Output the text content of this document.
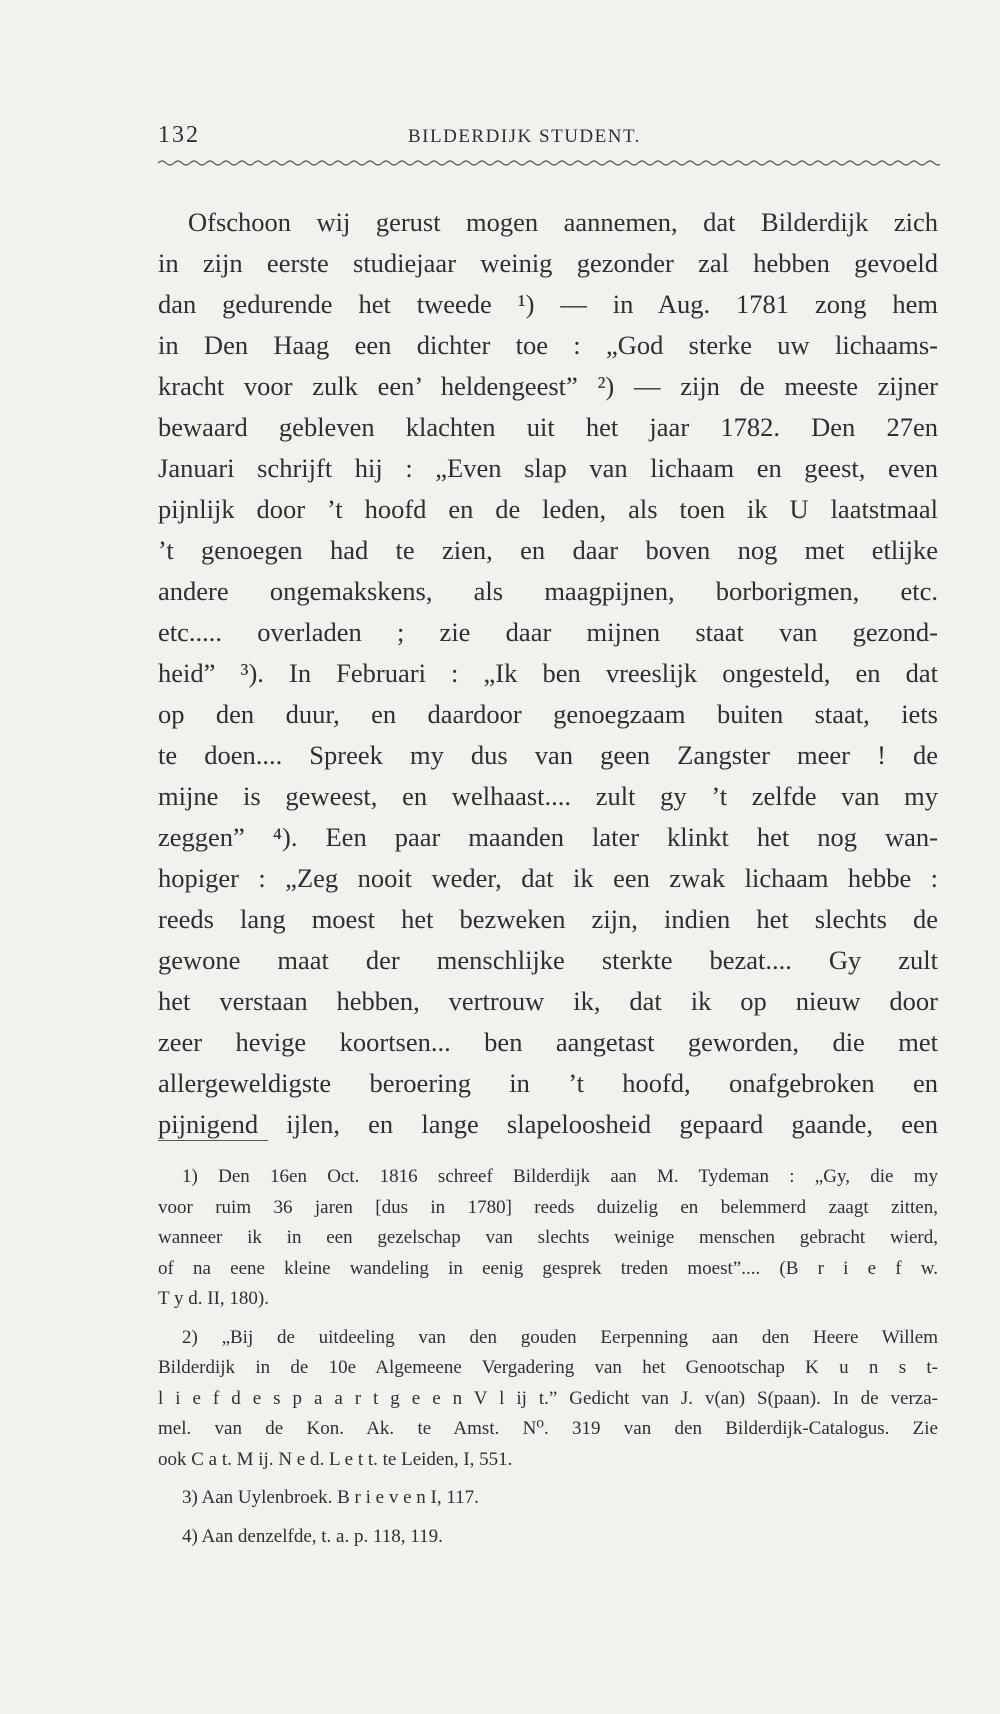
132	BILDERDIJK STUDENT.
Ofschoon wij gerust mogen aannemen, dat Bilderdijk zich
in zijn eerste studiejaar weinig gezonder zal hebben gevoeld
dan gedurende het tweede ¹) — in Aug. 1781 zong hem
in Den Haag een dichter toe : „God sterke uw lichaams-
kracht voor zulk een’ heldengeest” ²) — zijn de meeste zijner
bewaard gebleven klachten uit het jaar 1782. Den 27en
Januari schrijft hij : „Even slap van lichaam en geest, even
pijnlijk door ’t hoofd en de leden, als toen ik U laatstmaal
’t genoegen had te zien, en daar boven nog met etlijke
andere ongemakskens, als maagpijnen, borborigmen, etc.
etc..... overladen ; zie daar mijnen staat van gezond-
heid” ³). In Februari : „Ik ben vreeslijk ongesteld, en dat
op den duur, en daardoor genoegzaam buiten staat, iets
te doen.... Spreek my dus van geen Zangster meer ! de
mijne is geweest, en welhaast.... zult gy ’t zelfde van my
zeggen” ⁴). Een paar maanden later klinkt het nog wan-
hopiger : „Zeg nooit weder, dat ik een zwak lichaam hebbe :
reeds lang moest het bezweken zijn, indien het slechts de
gewone maat der menschlijke sterkte bezat.... Gy zult
het verstaan hebben, vertrouw ik, dat ik op nieuw door
zeer hevige koortsen... ben aangetast geworden, die met
allergeweldigste beroering in ’t hoofd, onafgebroken en
pijnigend ijlen, en lange slapeloosheid gepaard gaande, een
1) Den 16en Oct. 1816 schreef Bilderdijk aan M. Tydeman : „Gy, die my
voor ruim 36 jaren [dus in 1780] reeds duizelig en belemmerd zaagt zitten,
wanneer ik in een gezelschap van slechts weinige menschen gebracht wierd,
of na eene kleine wandeling in eenig gesprek treden moest”.... (B r i e f w.
T y d. II, 180).
2) „Bij de uitdeeling van den gouden Eerpenning aan den Heere Willem
Bilderdijk in de 10e Algemeene Vergadering van het Genootschap K u n s t-
l i e f d e s p a a r t g e e n V l ij t.” Gedicht van J. v(an) S(paan). In de verza-
mel. van de Kon. Ak. te Amst. N⁰. 319 van den Bilderdijk-Catalogus. Zie
ook C a t. M ij. N e d. L e t t. te Leiden, I, 551.
3) Aan Uylenbroek. B r i e v e n I, 117.
4) Aan denzelfde, t. a. p. 118, 119.
